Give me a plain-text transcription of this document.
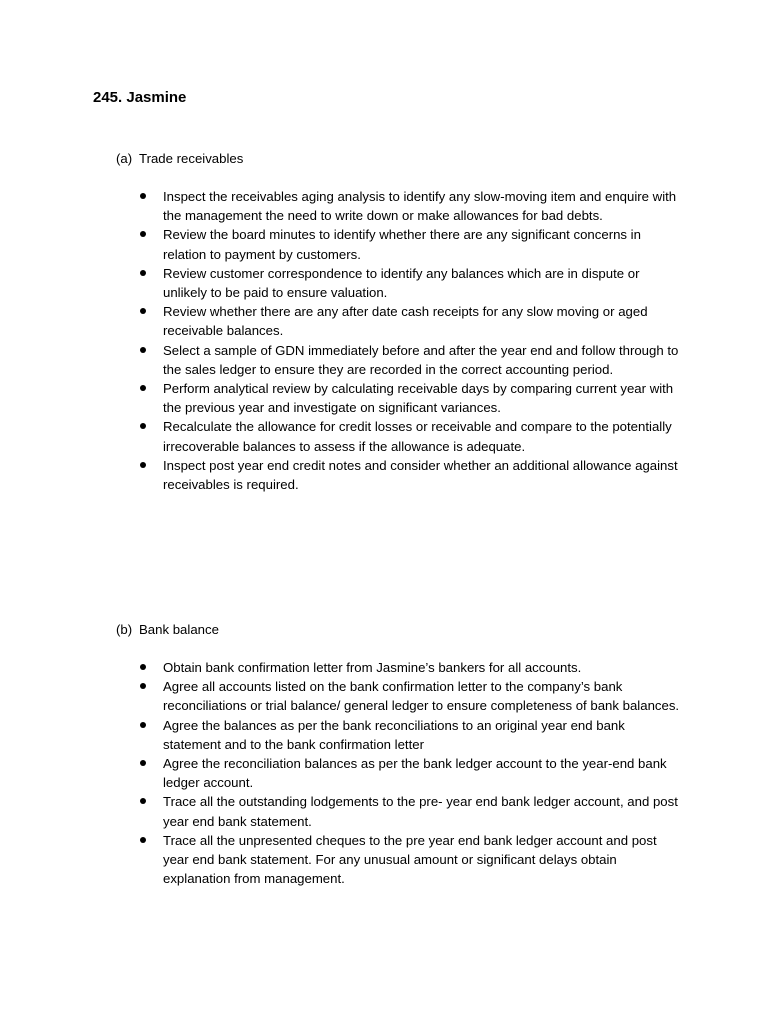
245. Jasmine
(a) Trade receivables
Inspect the receivables aging analysis to identify any slow-moving item and enquire with the management the need to write down or make allowances for bad debts.
Review the board minutes to identify whether there are any significant concerns in relation to payment by customers.
Review customer correspondence to identify any balances which are in dispute or unlikely to be paid to ensure valuation.
Review whether there are any after date cash receipts for any slow moving or aged receivable balances.
Select a sample of GDN immediately before and after the year end and follow through to the sales ledger to ensure they are recorded in the correct accounting period.
Perform analytical review by calculating receivable days by comparing current year with the previous year and investigate on significant variances.
Recalculate the allowance for credit losses or receivable and compare to the potentially irrecoverable balances to assess if the allowance is adequate.
Inspect post year end credit notes and consider whether an additional allowance against receivables is required.
(b) Bank balance
Obtain bank confirmation letter from Jasmine’s bankers for all accounts.
Agree all accounts listed on the bank confirmation letter to the company’s bank reconciliations or trial balance/ general ledger to ensure completeness of bank balances.
Agree the balances as per the bank reconciliations to an original year end bank statement and to the bank confirmation letter
Agree the reconciliation balances as per the bank ledger account to the year-end bank ledger account.
Trace all the outstanding lodgements to the pre- year end bank ledger account, and post year end bank statement.
Trace all the unpresented cheques to the pre year end bank ledger account and post year end bank statement. For any unusual amount or significant delays obtain explanation from management.
